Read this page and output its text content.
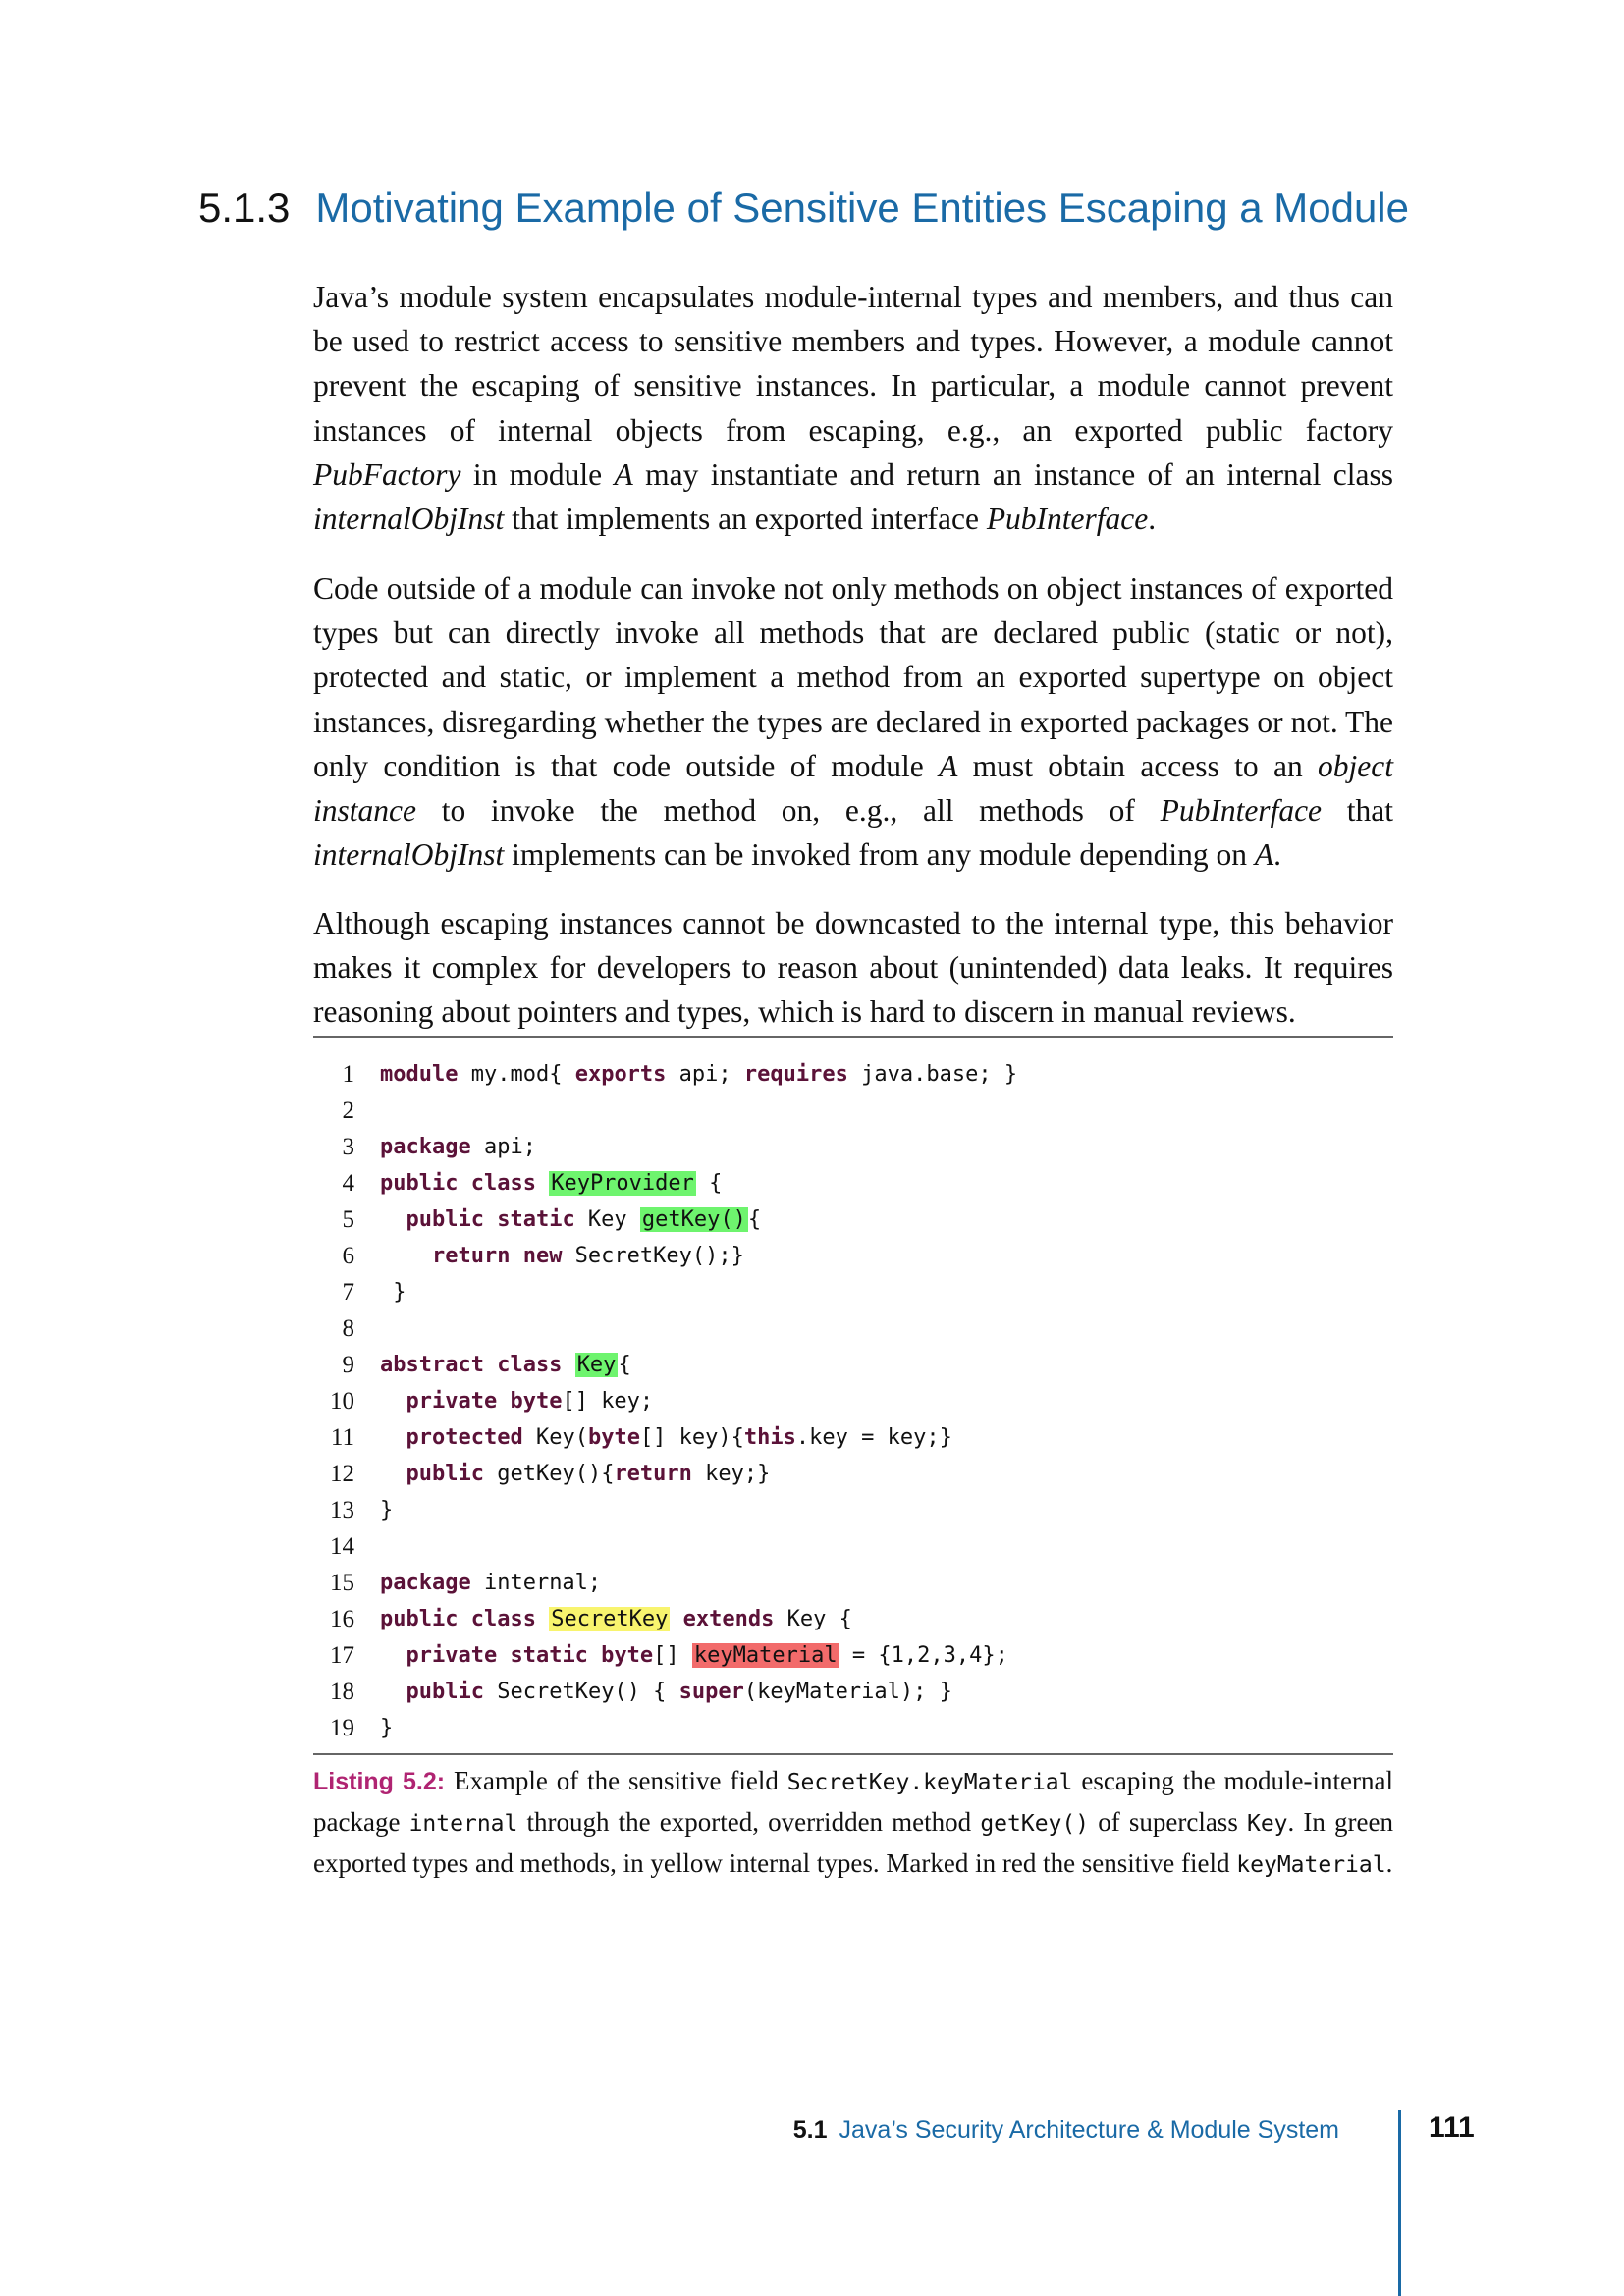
5.1.3 Motivating Example of Sensitive Entities Escaping a Module

Java’s module system encapsulates module-internal types and members, and thus can be used to restrict access to sensitive members and types. However, a module cannot prevent the escaping of sensitive instances. In particular, a module cannot prevent instances of internal objects from escaping, e.g., an exported public factory PubFactory in module A may instantiate and return an instance of an internal class internalObjInst that implements an exported interface PubInterface.

Code outside of a module can invoke not only methods on object instances of exported types but can directly invoke all methods that are declared public (static or not), protected and static, or implement a method from an exported supertype on object instances, disregarding whether the types are declared in exported packages or not. The only condition is that code outside of module A must obtain access to an object instance to invoke the method on, e.g., all methods of PubInterface that internalObjInst implements can be invoked from any module depending on A.

Although escaping instances cannot be downcasted to the internal type, this behavior makes it complex for developers to reason about (unintended) data leaks. It requires reasoning about pointers and types, which is hard to discern in manual reviews.

1 module my.mod{ exports api; requires java.base; }
2
3 package api;
4 public class KeyProvider {
5	public static Key getKey(){
6	return new SecretKey();}
7 }
8
9 abstract class Key{
10	private byte[] key;
11	protected Key(byte[] key){this.key = key;}
12	public getKey(){return key;}
13 }
14
15 package internal;
16 public class SecretKey extends Key {
17	private static byte[] keyMaterial = {1,2,3,4};
18	public SecretKey() { super(keyMaterial); }
19 }

Listing 5.2: Example of the sensitive field SecretKey.keyMaterial escaping the module-internal package internal through the exported, overridden method getKey() of superclass Key. In green exported types and methods, in yellow internal types. Marked in red the sensitive field keyMaterial.

5.1 Java’s Security Architecture & Module System	111
